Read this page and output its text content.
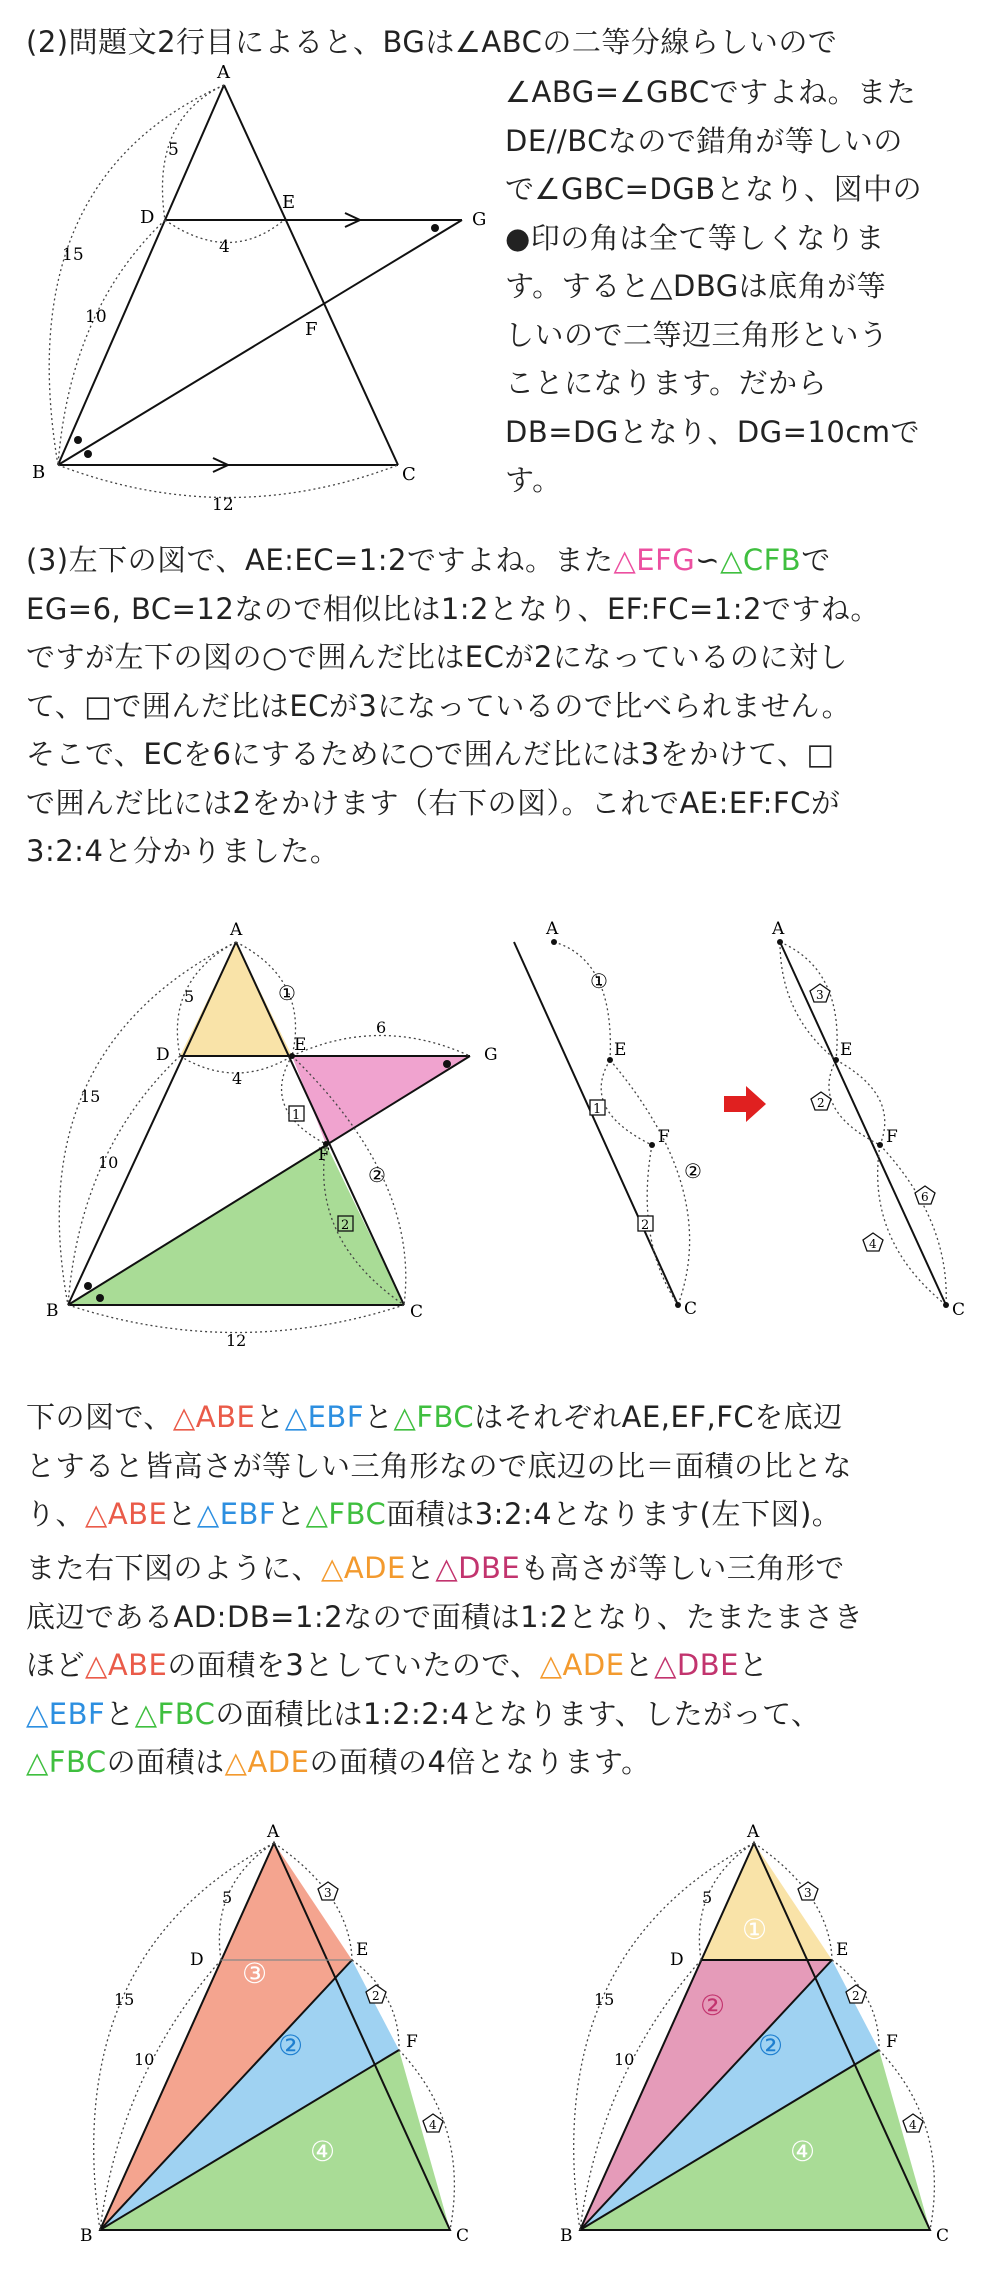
(2)問題文2行目によると、BGは∠ABCの二等分線らしいので
∠ABG=∠GBCですよね。また
DE//BCなので錯角が等しいの
で∠GBC=DGBとなり、図中の
●印の角は全て等しくなりま
す。すると△DBGは底角が等
しいので二等辺三角形という
ことになります。だから
DB=DGとなり、DG=10cmで
す。
A
D
E
G
F
B	C
5
15
10
4
12
(3)左下の図で、AE:EC=1:2ですよね。また△EFG∽△CFBで
EG=6, BC=12なので相似比は1:2となり、EF:FC=1:2ですね。
ですが左下の図の○で囲んだ比はECが2になっているのに対し
て、□で囲んだ比はECが3になっているので比べられません。
そこで、ECを6にするために○で囲んだ比には3をかけて、□
で囲んだ比には2をかけます（右下の図）。これでAE:EF:FCが
3:2:4と分かりました。
A
D	E	G
F
B	C
5
15
10
4
6
12
①
②
1
2
A
E
F
C
①
②
1
2
A
E
F
C
3
2
6
4
下の図で、△ABEと△EBFと△FBCはそれぞれAE,EF,FCを底辺
とすると皆高さが等しい三角形なので底辺の比＝面積の比とな
り、△ABEと△EBFと△FBC面積は3:2:4となります(左下図)。
また右下図のように、△ADEと△DBEも高さが等しい三角形で
底辺であるAD:DB=1:2なので面積は1:2となり、たまたまさき
ほど△ABEの面積を3としていたので、△ADEと△DBEと
△EBFと△FBCの面積比は1:2:2:4となります、したがって、
△FBCの面積は△ADEの面積の4倍となります。
A
D	E
F
B	C
5
15
10
③
②
④
3
2
4
A
D	E
F
B	C
5
15
10
①
②
②
④
3
2
4
